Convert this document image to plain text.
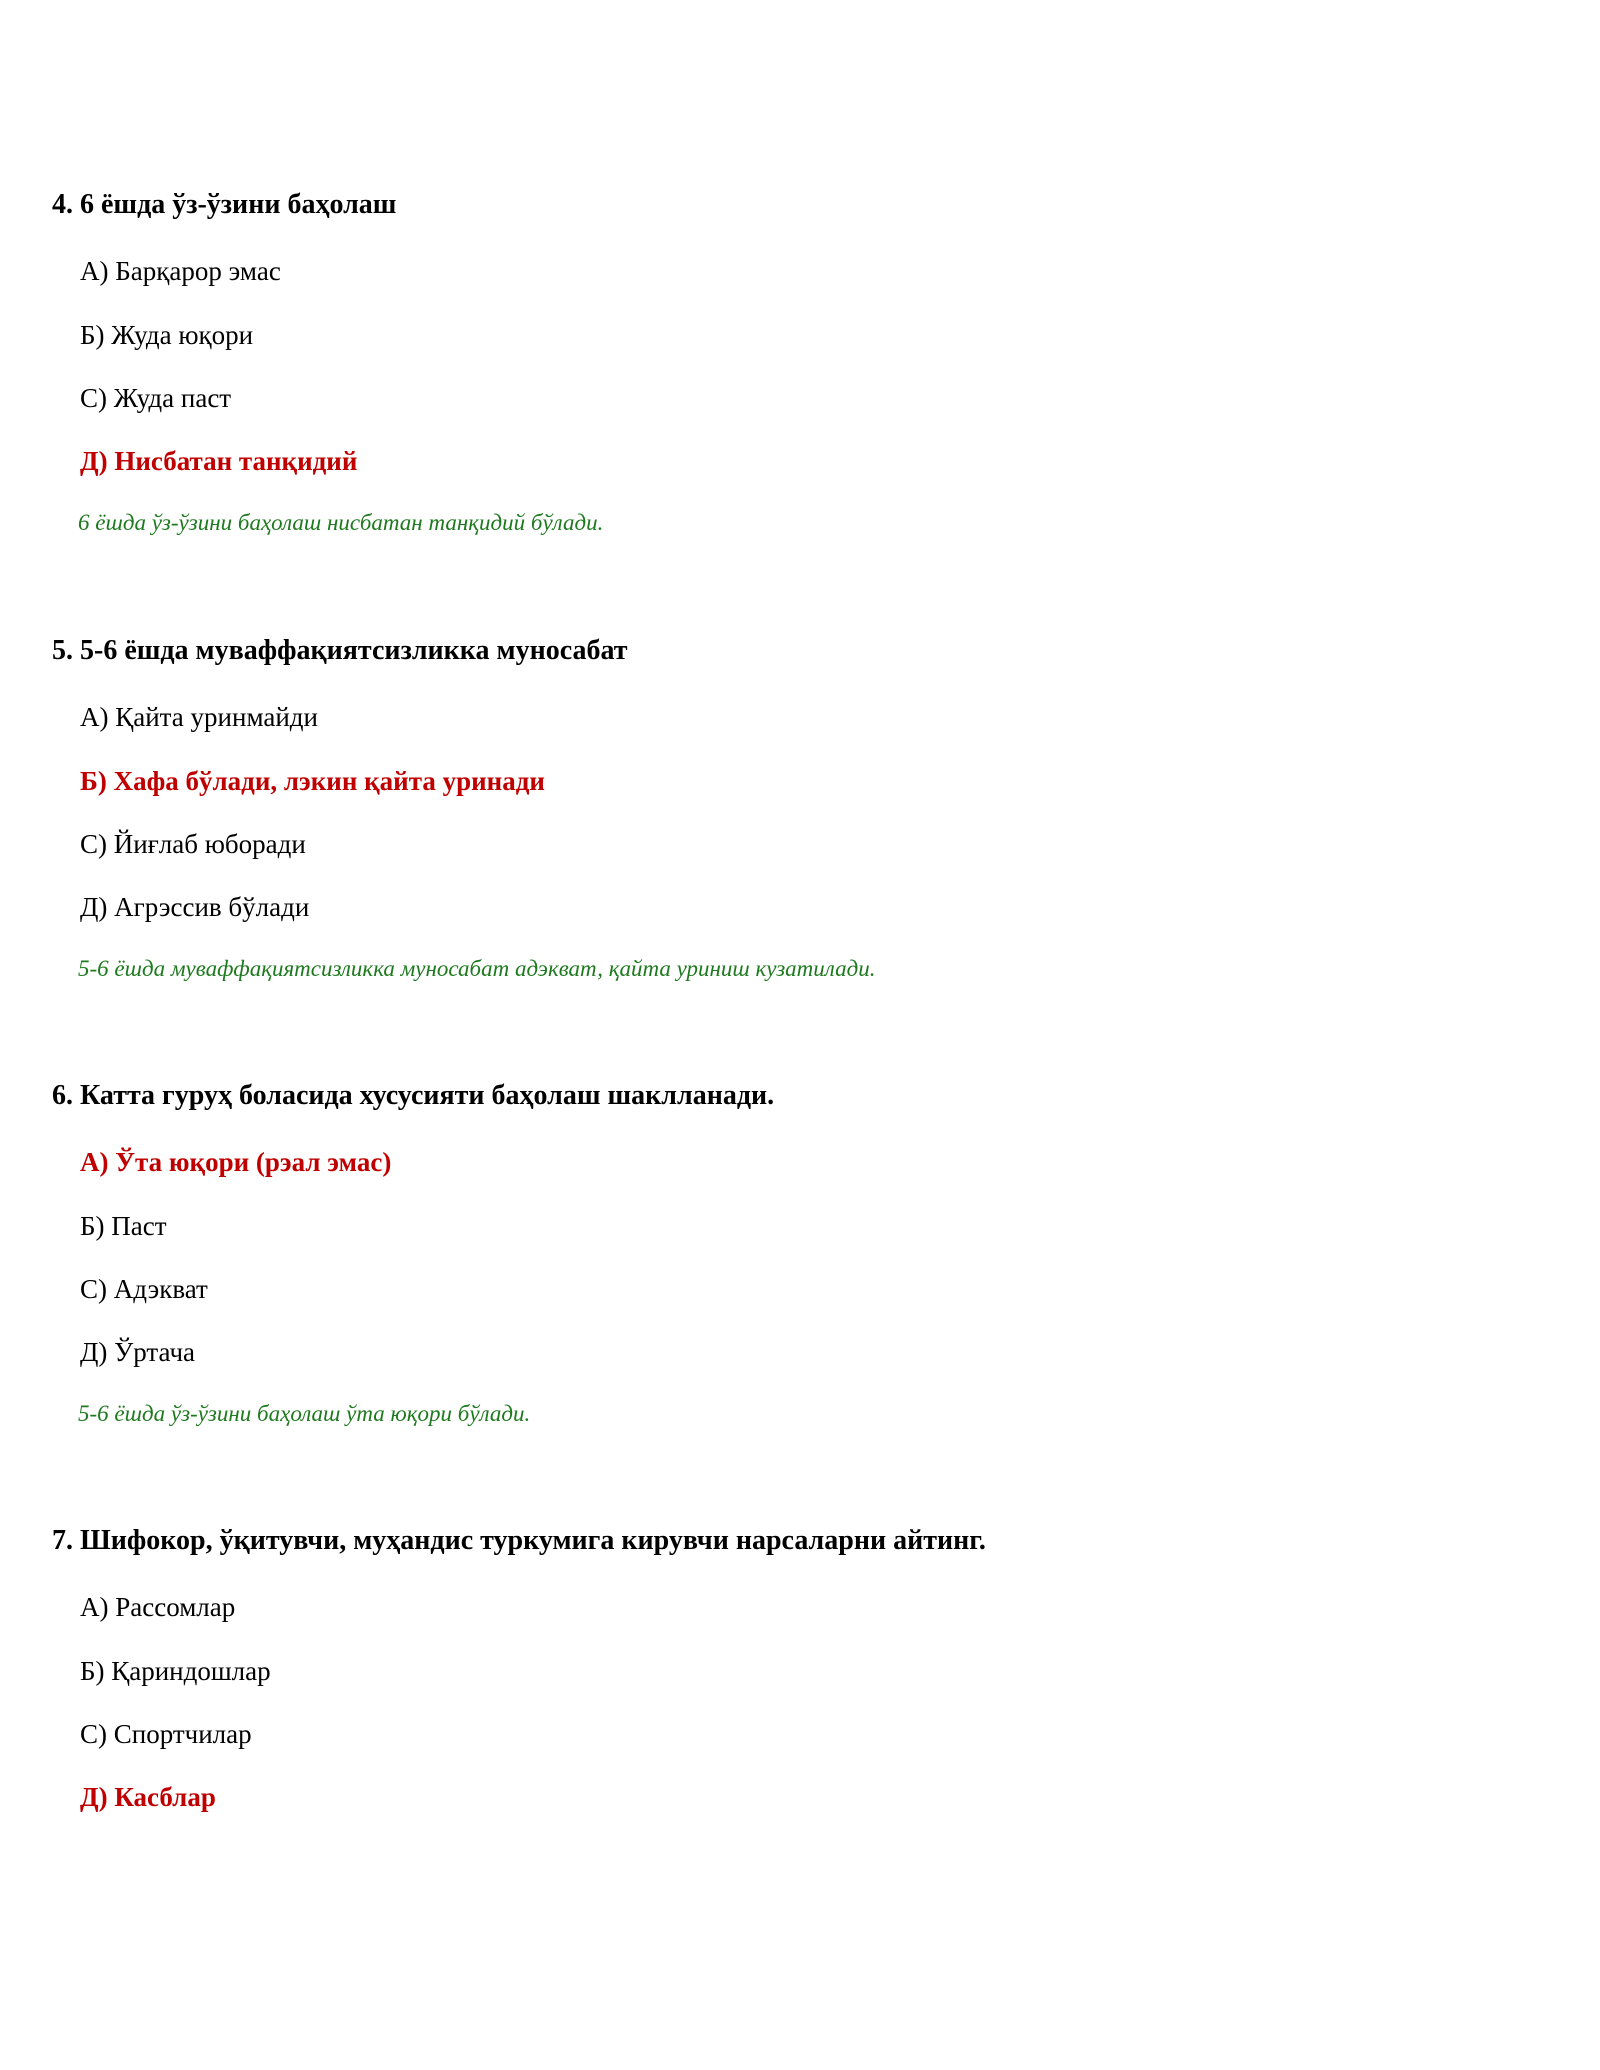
4. 6 ёшда ўз-ўзини баҳолаш
А) Барқарор эмас
Б) Жуда юқори
С) Жуда паст
Д) Нисбатан танқидий
6 ёшда ўз-ўзини баҳолаш нисбатан танқидий бўлади.
5. 5-6 ёшда муваффақиятсизликка муносабат
А) Қайта уринмайди
Б) Хафа бўлади, лэкин қайта уринади
С) Йиғлаб юборади
Д) Агрэссив бўлади
5-6 ёшда муваффақиятсизликка муносабат адэкват, қайта уриниш кузатилади.
6. Катта гуруҳ боласида хусусияти баҳолаш шаклланади.
А) Ўта юқори (рэал эмас)
Б) Паст
С) Адэкват
Д) Ўртача
5-6 ёшда ўз-ўзини баҳолаш ўта юқори бўлади.
7. Шифокор, ўқитувчи, муҳандис туркумига кирувчи нарсаларни айтинг.
А) Рассомлар
Б) Қариндошлар
С) Спортчилар
Д) Касблар
